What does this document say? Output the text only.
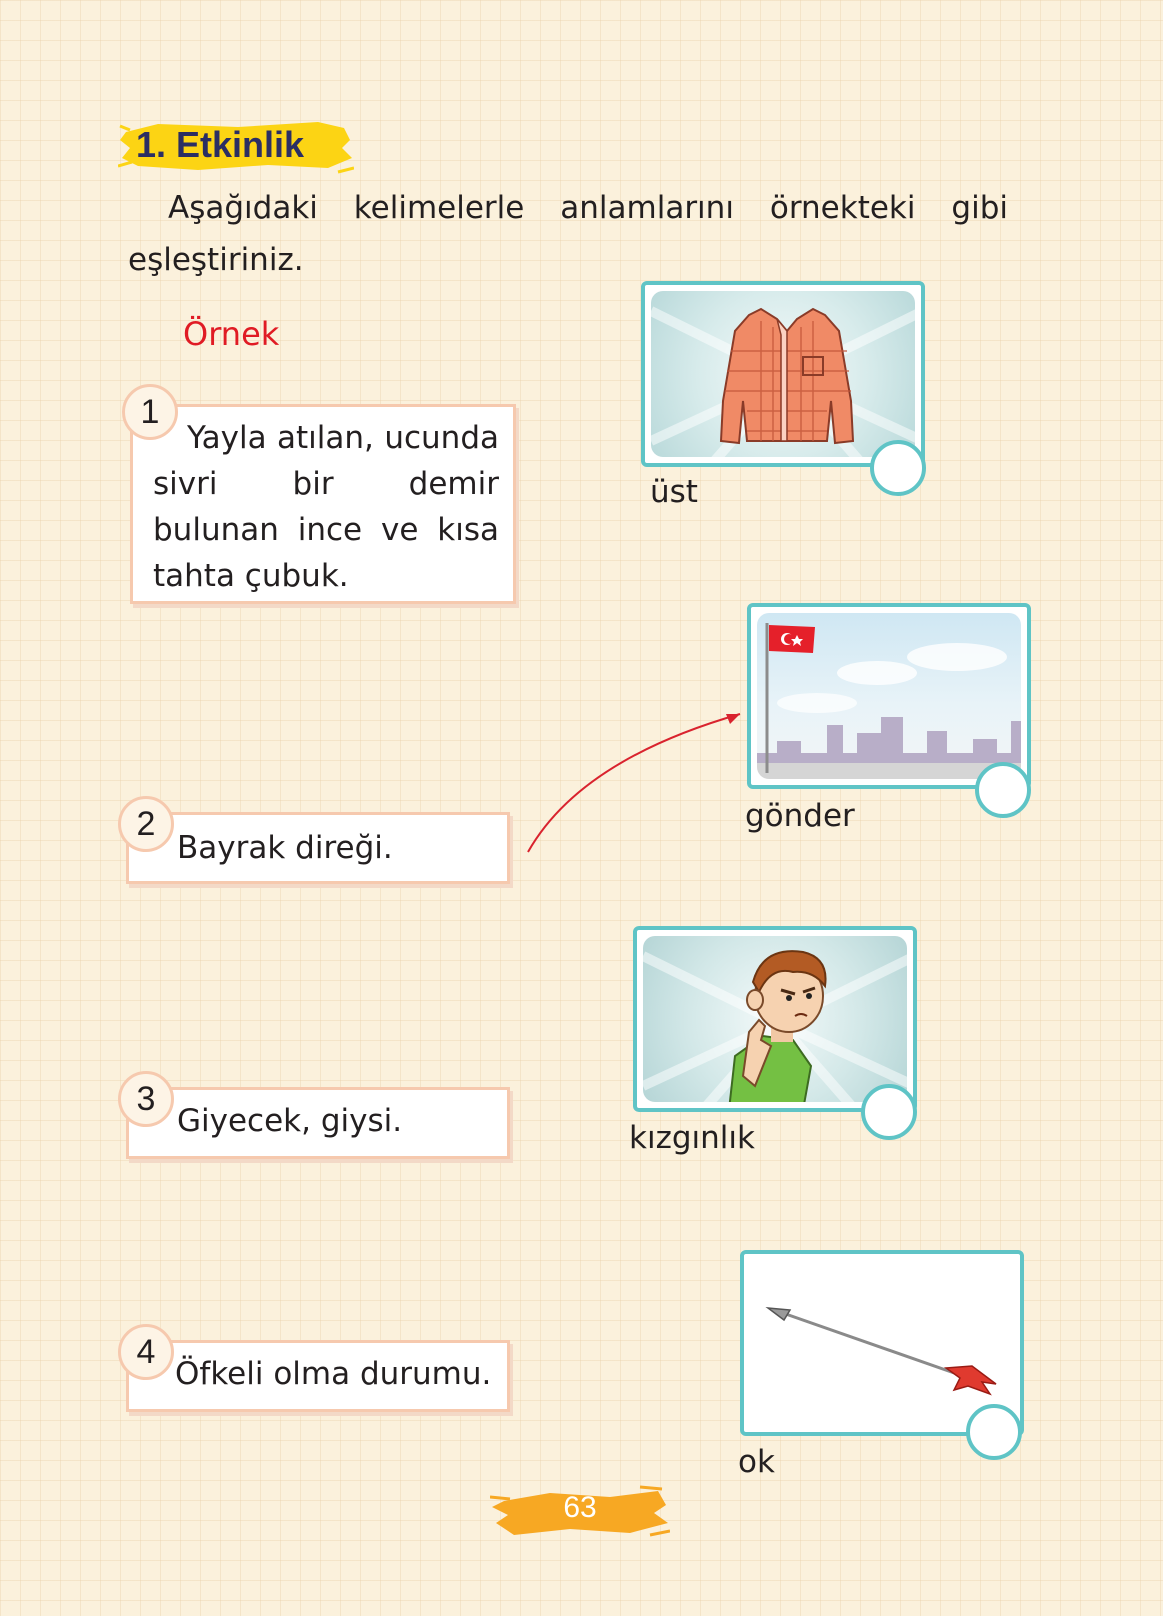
1. Etkinlik
Aşağıdaki kelimelerle anlamlarını örnekteki gibi eşleştiriniz.
Örnek
Yayla atılan, ucunda sivri bir demir bulunan ince ve kısa tahta çubuk.
1
Bayrak direği.
2
Giyecek, giysi.
3
Öfkeli olma durumu.
4
üst
gönder
kızgınlık
ok
63
